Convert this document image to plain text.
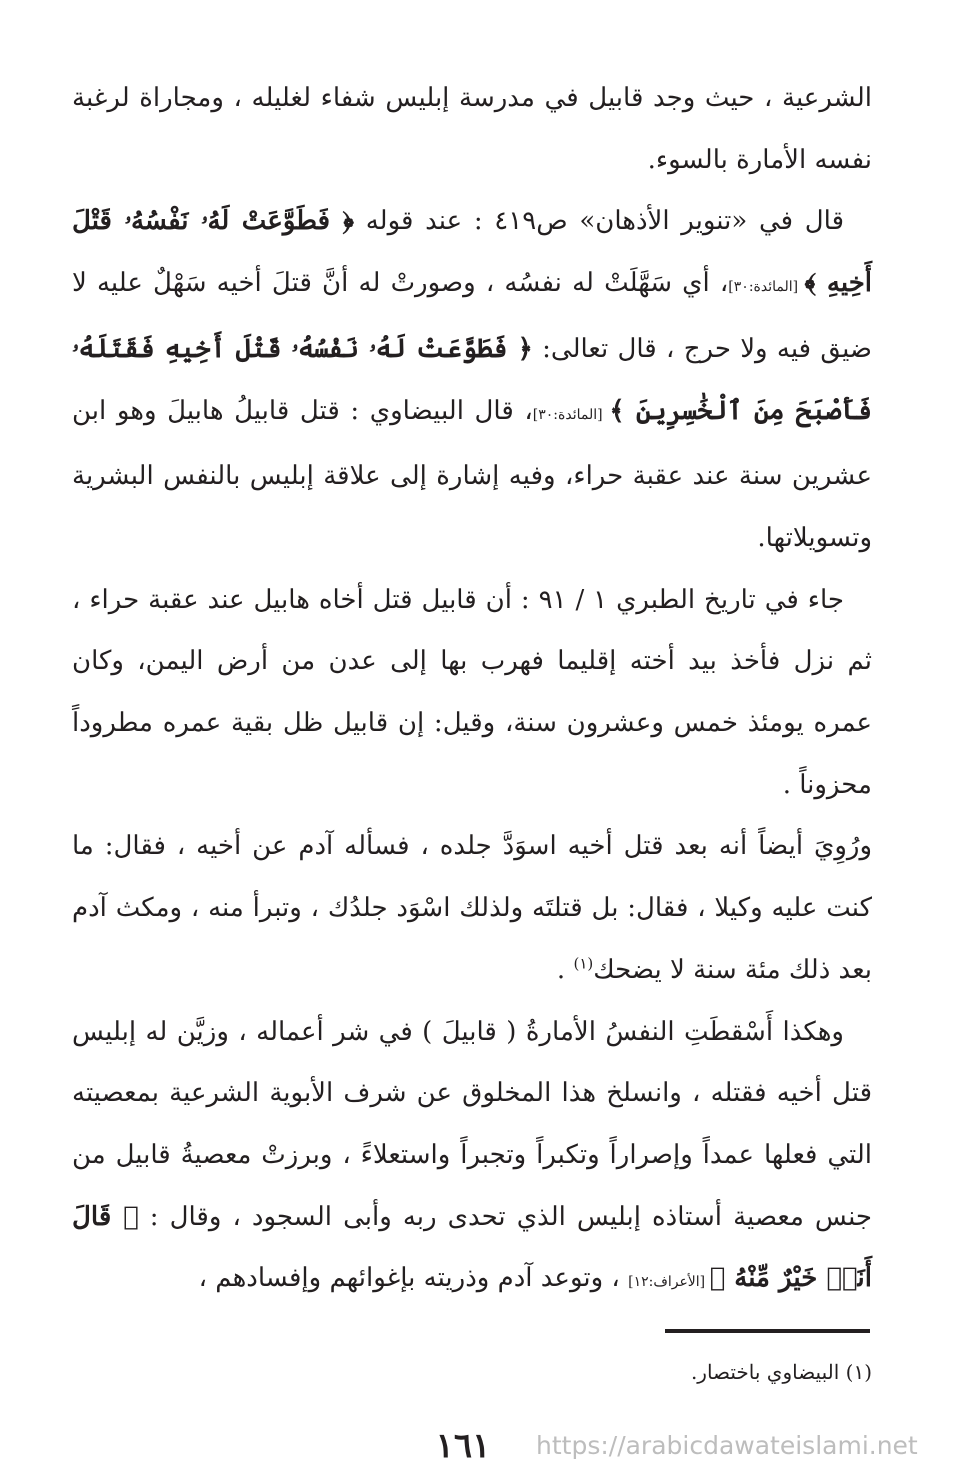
الشرعية ، حيث وجد قابيل في مدرسة إبليس شفاء لغليله ، ومجاراة لرغبة نفسه الأمارة بالسوء.

قال في «تنوير الأذهان» ص٤١٩ : عند قوله ﴿ فَطَوَّعَتْ لَهُۥ نَفْسُهُۥ قَتْلَ أَخِيهِ ﴾ [المائدة:٣٠]، أي سَهَّلَتْ له نفسُه ، وصورتْ له أنَّ قتلَ أخيه سَهْلٌ عليه لا ضيق فيه ولا حرج ، قال تعالى: ﴿ فَطَوَّعَتْ لَهُۥ نَفْسُهُۥ قَتْلَ أَخِيهِ فَقَتَلَهُۥ فَأَصْبَحَ مِنَ ٱلْخَٰسِرِينَ ﴾ [المائدة:٣٠]، قال البيضاوي : قتل قابيلُ هابيلَ وهو ابن عشرين سنة عند عقبة حراء، وفيه إشارة إلى علاقة إبليس بالنفس البشرية وتسويلاتها.

جاء في تاريخ الطبري ١ / ٩١ : أن قابيل قتل أخاه هابيل عند عقبة حراء ، ثم نزل فأخذ بيد أخته إقليما فهرب بها إلى عدن من أرض اليمن، وكان عمره يومئذ خمس وعشرون سنة، وقيل: إن قابيل ظل بقية عمره مطروداً محزوناً .

ورُوِيَ أيضاً أنه بعد قتل أخيه اسوَدَّ جلده ، فسأله آدم عن أخيه ، فقال: ما كنت عليه وكيلا ، فقال: بل قتلتَه ولذلك اسْوَد جلدُك ، وتبرأ منه ، ومكث آدم بعد ذلك مئة سنة لا يضحك$^{(١)}$ .

وهكذا أَسْقطَتِ النفسُ الأمارةُ ( قابيلَ ) في شر أعماله ، وزيَّن له إبليس قتل أخيه فقتله ، وانسلخ هذا المخلوق عن شرف الأبوية الشرعية بمعصيته التي فعلها عمداً وإصراراً وتكبراً وتجبراً واستعلاءً ، وبرزتْ معصيةُ قابيل من جنس معصية أستاذه إبليس الذي تحدى ربه وأبى السجود ، وقال : ﴿ قَالَ أَنَا۠ خَيْرٌ مِّنْهُ ﴾ [الأعراف:١٢] ، وتوعد آدم وذريته بإغوائهم وإفسادهم ،

(١) البيضاوي باختصار.
١٦١	https://arabicdawateislami.net
